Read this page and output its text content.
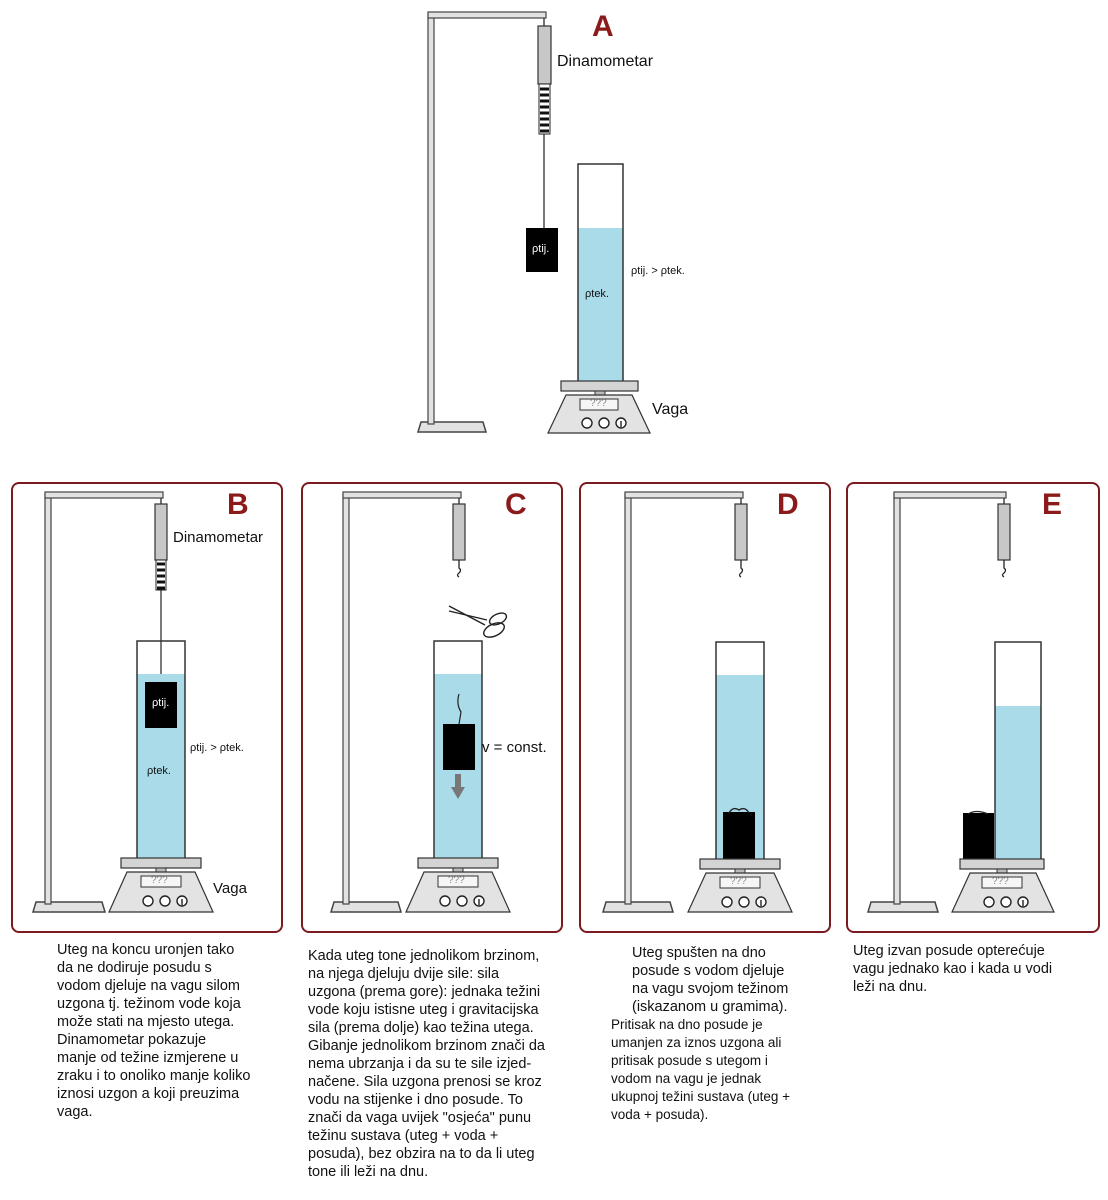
A
Dinamometar
ρtij.
ρtek.
ρtij. > ρtek.
Vaga
???
B
Dinamometar
ρtij.
ρtek.
ρtij. > ρtek.
Vaga
???
C
v = const.
???
D
???
E
???
Uteg na koncu uronjen tako
da ne dodiruje posudu s
vodom djeluje na vagu silom
uzgona tj. težinom vode koja
može stati na mjesto utega.
Dinamometar pokazuje
manje od težine izmjerene u
zraku i to onoliko manje koliko
iznosi uzgon a koji preuzima
vaga.
Kada uteg tone jednolikom brzinom,
na njega djeluju dvije sile: sila
uzgona (prema gore): jednaka težini
vode koju istisne uteg i gravitacijska
sila (prema dolje) kao težina utega.
Gibanje jednolikom brzinom znači da
nema ubrzanja i da su te sile izjed-
načene. Sila uzgona prenosi se kroz
vodu na stijenke i dno posude. To
znači da vaga uvijek "osjeća" punu
težinu sustava (uteg + voda +
posuda), bez obzira na to da li uteg
tone ili leži na dnu.
Uteg spušten na dno
posude s vodom djeluje
na vagu svojom težinom
(iskazanom u gramima).
Pritisak na dno posude je
umanjen za iznos uzgona ali
pritisak posude s utegom i
vodom na vagu je jednak
ukupnoj težini sustava (uteg +
voda + posuda).
Uteg izvan posude opterećuje
vagu jednako kao i kada u vodi
leži na dnu.
